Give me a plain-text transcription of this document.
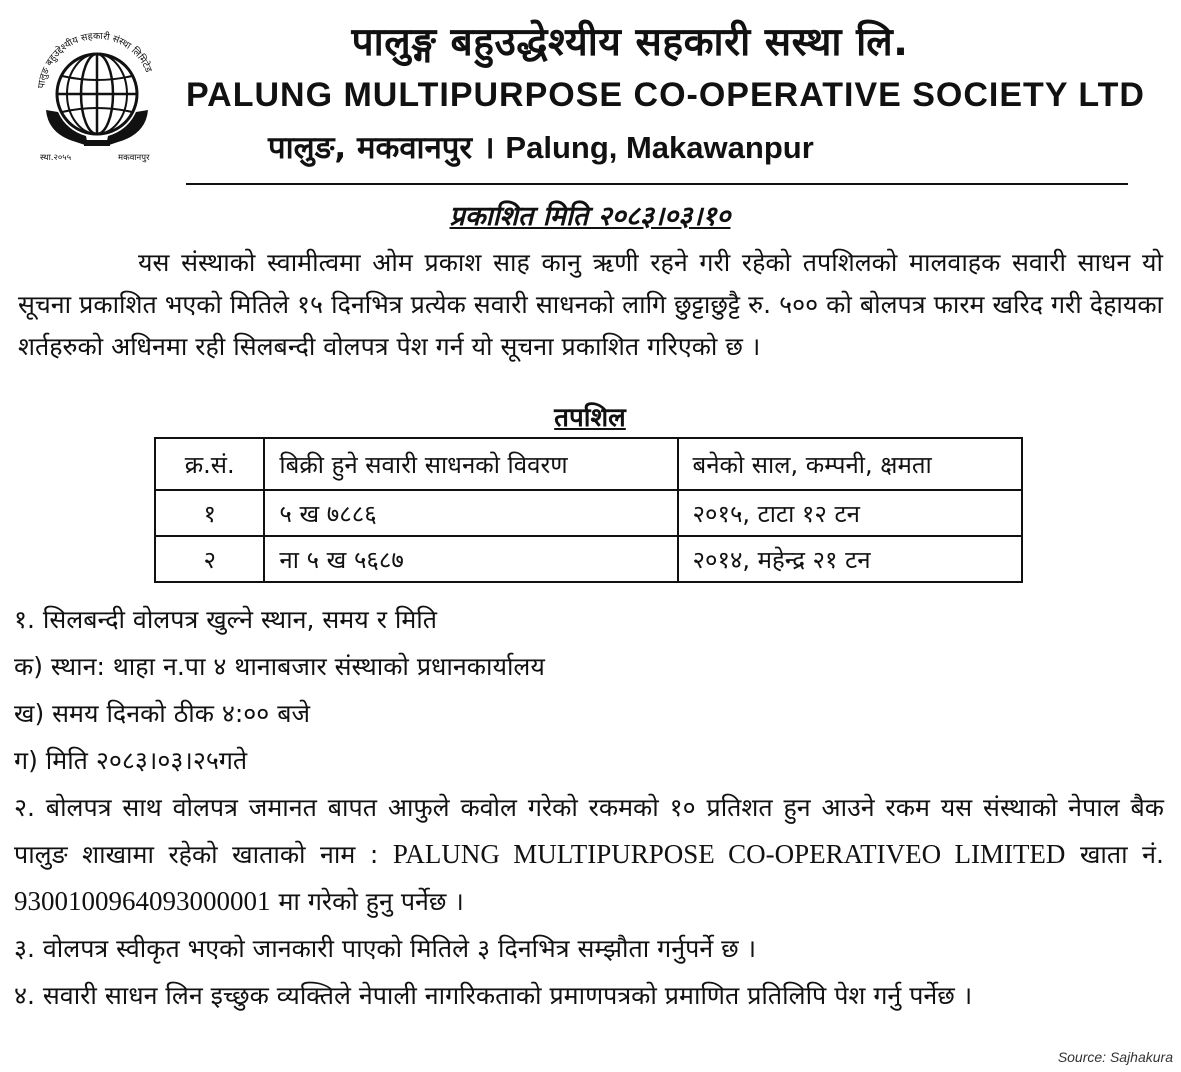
पालुङ बहुउद्देश्यीय सहकारी संस्था लिमिटेड
स्था.२०५५	मकवानपुर
पालुङ्ग बहुउद्धेश्यीय सहकारी सस्था लि.
PALUNG MULTIPURPOSE CO-OPERATIVE SOCIETY LTD
पालुङ, मकवानपुर । Palung, Makawanpur
प्रकाशित मिति २०८३।०३।१०
यस संस्थाको स्वामीत्वमा ओम प्रकाश साह कानु ऋणी रहने गरी रहेको तपशिलको मालवाहक सवारी साधन यो सूचना प्रकाशित भएको मितिले १५ दिनभित्र प्रत्येक सवारी साधनको लागि छुट्टाछुट्टै रु. ५०० को बोलपत्र फारम खरिद गरी देहायका शर्तहरुको अधिनमा रही सिलबन्दी वोलपत्र पेश गर्न यो सूचना प्रकाशित गरिएको छ ।
तपशिल
क्र.सं.	बिक्री हुने सवारी साधनको विवरण	बनेको साल, कम्पनी, क्षमता
१	५ ख ७८८६	२०१५, टाटा १२ टन
२	ना ५ ख ५६८७	२०१४, महेन्द्र २१ टन
१. सिलबन्दी वोलपत्र खुल्ने स्थान, समय र मिति
क) स्थान: थाहा न.पा ४ थानाबजार संस्थाको प्रधानकार्यालय
ख) समय दिनको ठीक ४:०० बजे
ग) मिति २०८३।०३।२५गते
२. बोलपत्र साथ वोलपत्र जमानत बापत आफुले कवोल गरेको रकमको १० प्रतिशत हुन आउने रकम यस संस्थाको नेपाल बैक पालुङ शाखामा रहेको खाताको नाम : PALUNG MULTIPURPOSE CO-OPERATIVEO LIMITED खाता नं. 9300100964093000001 मा गरेको हुनु पर्नेछ ।
३. वोलपत्र स्वीकृत भएको जानकारी पाएको मितिले ३ दिनभित्र सम्झौता गर्नुपर्ने छ ।
४. सवारी साधन लिन इच्छुक व्यक्तिले नेपाली नागरिकताको प्रमाणपत्रको प्रमाणित प्रतिलिपि पेश गर्नु पर्नेछ ।
Source: Sajhakura
